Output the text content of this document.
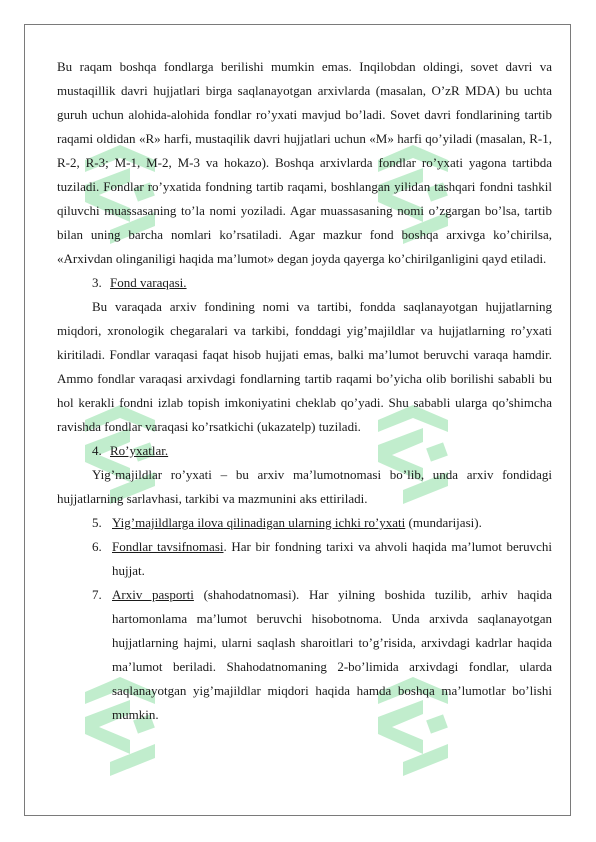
Bu raqam boshqa fondlarga berilishi mumkin emas. Inqilobdan oldingi, sovet davri va mustaqillik davri hujjatlari birga saqlanayotgan arxivlarda (masalan, O’zR MDA) bu uchta guruh uchun alohida-alohida fondlar ro’yxati mavjud bo’ladi. Sovet davri fondlarining tartib raqami oldidan «R» harfi, mustaqilik davri hujjatlari uchun «M» harfi qo’yiladi (masalan, R-1, R-2, R-3; M-1, M-2, M-3 va hokazo). Boshqa arxivlarda fondlar ro’yxati yagona tartibda tuziladi. Fondlar ro’yxatida fondning tartib raqami, boshlangan yilidan tashqari fondni tashkil qiluvchi muassasaning to’la nomi yoziladi. Agar muassasaning nomi o’zgargan bo’lsa, tartib bilan uning barcha nomlari ko’rsatiladi. Agar mazkur fond boshqa arxivga ko’chirilsa, «Arxivdan olinganiligi haqida ma’lumot» degan joyda qayerga ko’chirilganligini qayd etiladi.

3. Fond varaqasi.

Bu varaqada arxiv fondining nomi va tartibi, fondda saqlanayotgan hujjatlarning miqdori, xronologik chegaralari va tarkibi, fonddagi yig’majildlar va hujjatlarning ro’yxati kiritiladi. Fondlar varaqasi faqat hisob hujjati emas, balki ma’lumot beruvchi varaqa hamdir. Ammo fondlar varaqasi arxivdagi fondlarning tartib raqami bo’yicha olib borilishi sababli bu hol kerakli fondni izlab topish imkoniyatini cheklab qo’yadi. Shu sababli ularga qo’shimcha ravishda fondlar varaqasi ko’rsatkichi (ukazatelp) tuziladi.

4. Ro’yxatlar.

Yig’majildlar ro’yxati – bu arxiv ma’lumotnomasi bo’lib, unda arxiv fondidagi hujjatlarning sarlavhasi, tarkibi va mazmunini aks ettiriladi.

5. Yig’majildlarga ilova qilinadigan ularning ichki ro’yxati (mundarijasi).

6. Fondlar tavsifnomasi. Har bir fondning tarixi va ahvoli haqida ma’lumot beruvchi hujjat.

7. Arxiv pasporti (shahodatnomasi). Har yilning boshida tuzilib, arhiv haqida hartomonlama ma’lumot beruvchi hisobotnoma. Unda arxivda saqlanayotgan hujjatlarning hajmi, ularni saqlash sharoitlari to’g’risida, arxivdagi kadrlar haqida ma’lumot beriladi. Shahodatnomaning 2-bo’limida arxivdagi fondlar, ularda saqlanayotgan yig’majildlar miqdori haqida hamda boshqa ma’lumotlar bo’lishi mumkin.
